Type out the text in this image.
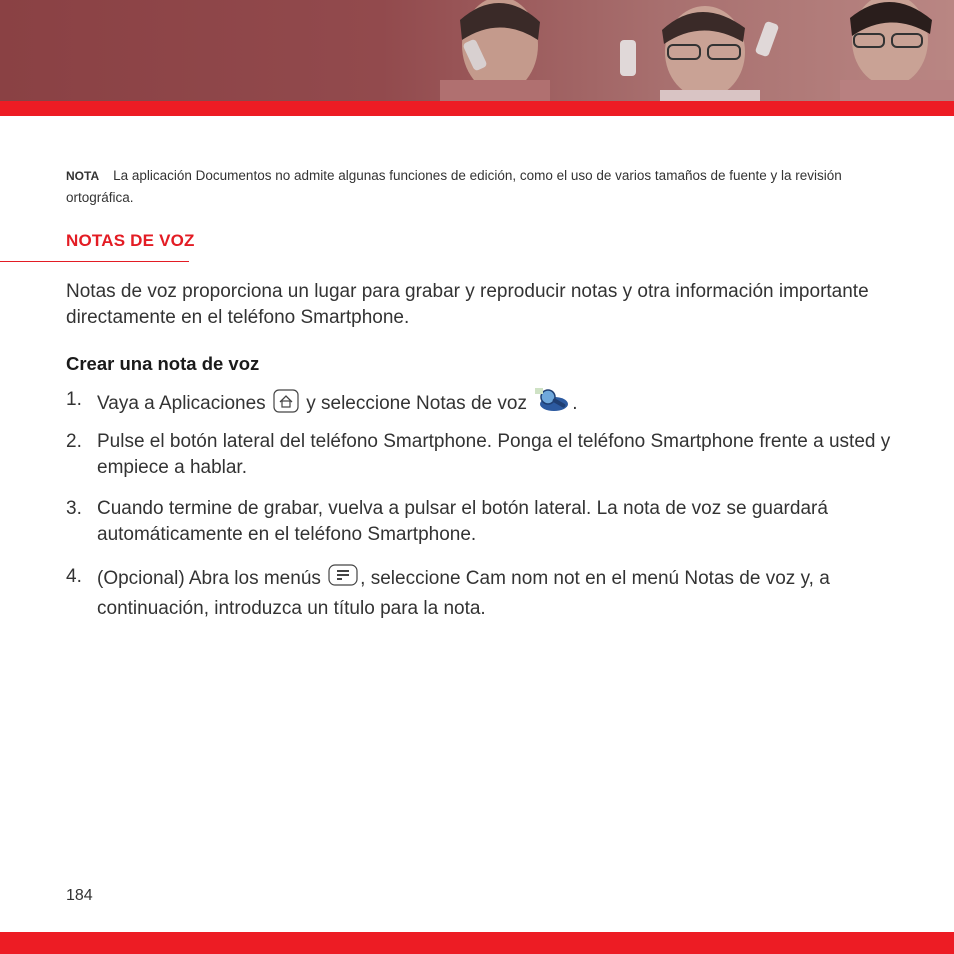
NOTA La aplicación Documentos no admite algunas funciones de edición, como el uso de varios tamaños de fuente y la revisión ortográfica.
NOTAS DE VOZ
Notas de voz proporciona un lugar para grabar y reproducir notas y otra información importante directamente en el teléfono Smartphone.
Crear una nota de voz
1. Vaya a Aplicaciones y seleccione Notas de voz .
2. Pulse el botón lateral del teléfono Smartphone. Ponga el teléfono Smartphone frente a usted y empiece a hablar.
3. Cuando termine de grabar, vuelva a pulsar el botón lateral. La nota de voz se guardará automáticamente en el teléfono Smartphone.
4. (Opcional) Abra los menús , seleccione Cam nom not en el menú Notas de voz y, a continuación, introduzca un título para la nota.
184
